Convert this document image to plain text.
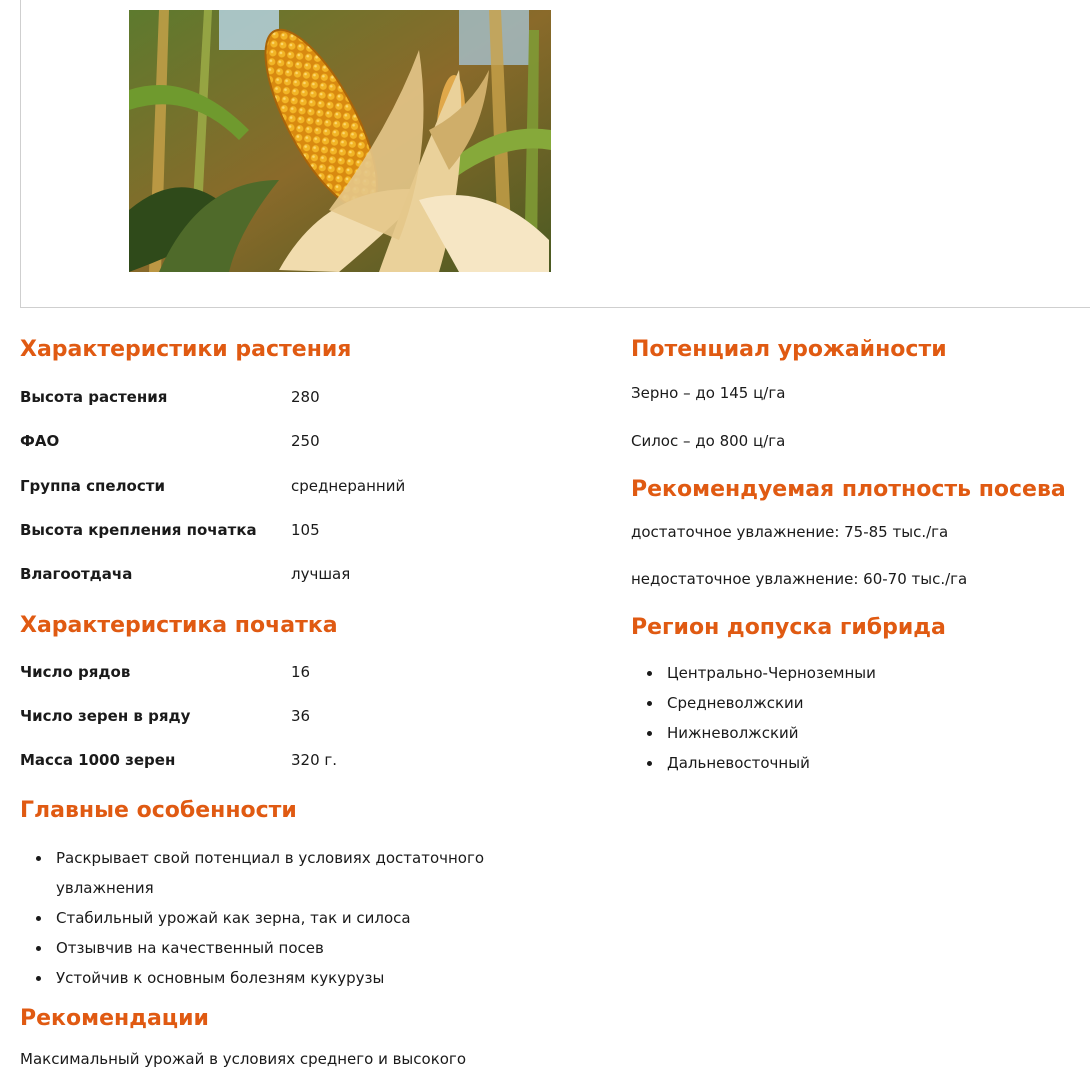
Характеристики растения
Высота растения	280
ФАО	250
Группа спелости	среднеранний
Высота крепления початка 105
Влагоотдача	лучшая
Характеристика початка
Число рядов	16
Число зерен в ряду	36
Масса 1000 зерен	320 г.
Главные особенности
Раскрывает свой потенциал в условиях достаточного
увлажнения
Стабильный урожай как зерна, так и силоса
Отзывчив на качественный посев
Устойчив к основным болезням кукурузы
Рекомендации
Максимальный урожай в условиях среднего и высокого
Потенциал урожайности
Зерно – до 145 ц/га
Силос – до 800 ц/га
Рекомендуемая плотность посева
достаточное увлажнение: 75-85 тыс./га
недостаточное увлажнение: 60-70 тыс./га
Регион допуска гибрида
Центрально-Черноземныи
Средневолжскии
Нижневолжский
Дальневосточный
